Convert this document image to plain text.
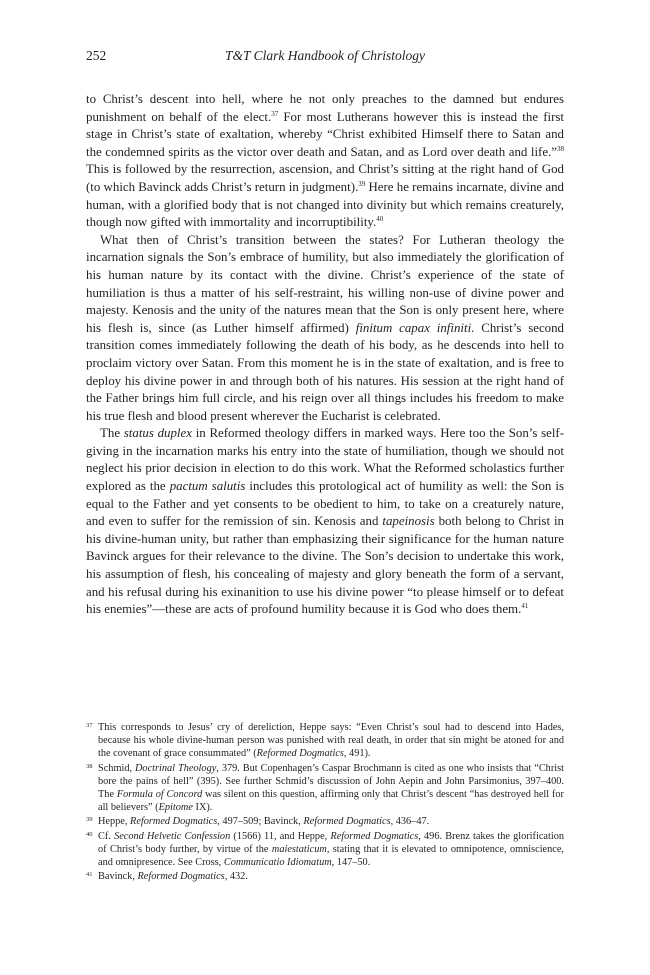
252	T&T Clark Handbook of Christology

to Christ’s descent into hell, where he not only preaches to the damned but endures punishment on behalf of the elect.$^{37}$ For most Lutherans however this is instead the first stage in Christ’s state of exaltation, whereby “Christ exhibited Himself there to Satan and the condemned spirits as the victor over death and Satan, and as Lord over death and life.”$^{38}$ This is followed by the resurrection, ascension, and Christ’s sitting at the right hand of God (to which Bavinck adds Christ’s return in judgment).$^{39}$ Here he remains incarnate, divine and human, with a glorified body that is not changed into divinity but which remains creaturely, though now gifted with immortality and incorruptibility.$^{40}$

What then of Christ’s transition between the states? For Lutheran theology the incarnation signals the Son’s embrace of humility, but also immediately the glorification of his human nature by its contact with the divine. Christ’s experience of the state of humiliation is thus a matter of his self-restraint, his willing non-use of divine power and majesty. Kenosis and the unity of the natures mean that the Son is only present here, where his flesh is, since (as Luther himself affirmed) finitum capax infiniti. Christ’s second transition comes immediately following the death of his body, as he descends into hell to proclaim victory over Satan. From this moment he is in the state of exaltation, and is free to deploy his divine power in and through both of his natures. His session at the right hand of the Father brings him full circle, and his reign over all things includes his freedom to make his true flesh and blood present wherever the Eucharist is celebrated.

The status duplex in Reformed theology differs in marked ways. Here too the Son’s self-giving in the incarnation marks his entry into the state of humiliation, though we should not neglect his prior decision in election to do this work. What the Reformed scholastics further explored as the pactum salutis includes this protological act of humility as well: the Son is equal to the Father and yet consents to be obedient to him, to take on a creaturely nature, and even to suffer for the remission of sin. Kenosis and tapeinosis both belong to Christ in his divine-human unity, but rather than emphasizing their significance for the human nature Bavinck argues for their relevance to the divine. The Son’s decision to undertake this work, his assumption of flesh, his concealing of majesty and glory beneath the form of a servant, and his refusal during his exinanition to use his divine power “to please himself or to defeat his enemies”—these are acts of profound humility because it is God who does them.$^{41}$

37 This corresponds to Jesus’ cry of dereliction, Heppe says: “Even Christ’s soul had to descend into Hades, because his whole divine-human person was punished with real death, in order that sin might be atoned for and the covenant of grace consummated” (Reformed Dogmatics, 491).
38 Schmid, Doctrinal Theology, 379. But Copenhagen’s Caspar Brochmann is cited as one who insists that “Christ bore the pains of hell” (395). See further Schmid’s discussion of John Aepin and John Parsimonius, 397–400. The Formula of Concord was silent on this question, affirming only that Christ’s descent “has destroyed hell for all believers” (Epitome IX).
39 Heppe, Reformed Dogmatics, 497–509; Bavinck, Reformed Dogmatics, 436–47.
40 Cf. Second Helvetic Confession (1566) 11, and Heppe, Reformed Dogmatics, 496. Brenz takes the glorification of Christ’s body further, by virtue of the maiestaticum, stating that it is elevated to omnipotence, omniscience, and omnipresence. See Cross, Communicatio Idiomatum, 147–50.
41 Bavinck, Reformed Dogmatics, 432.
